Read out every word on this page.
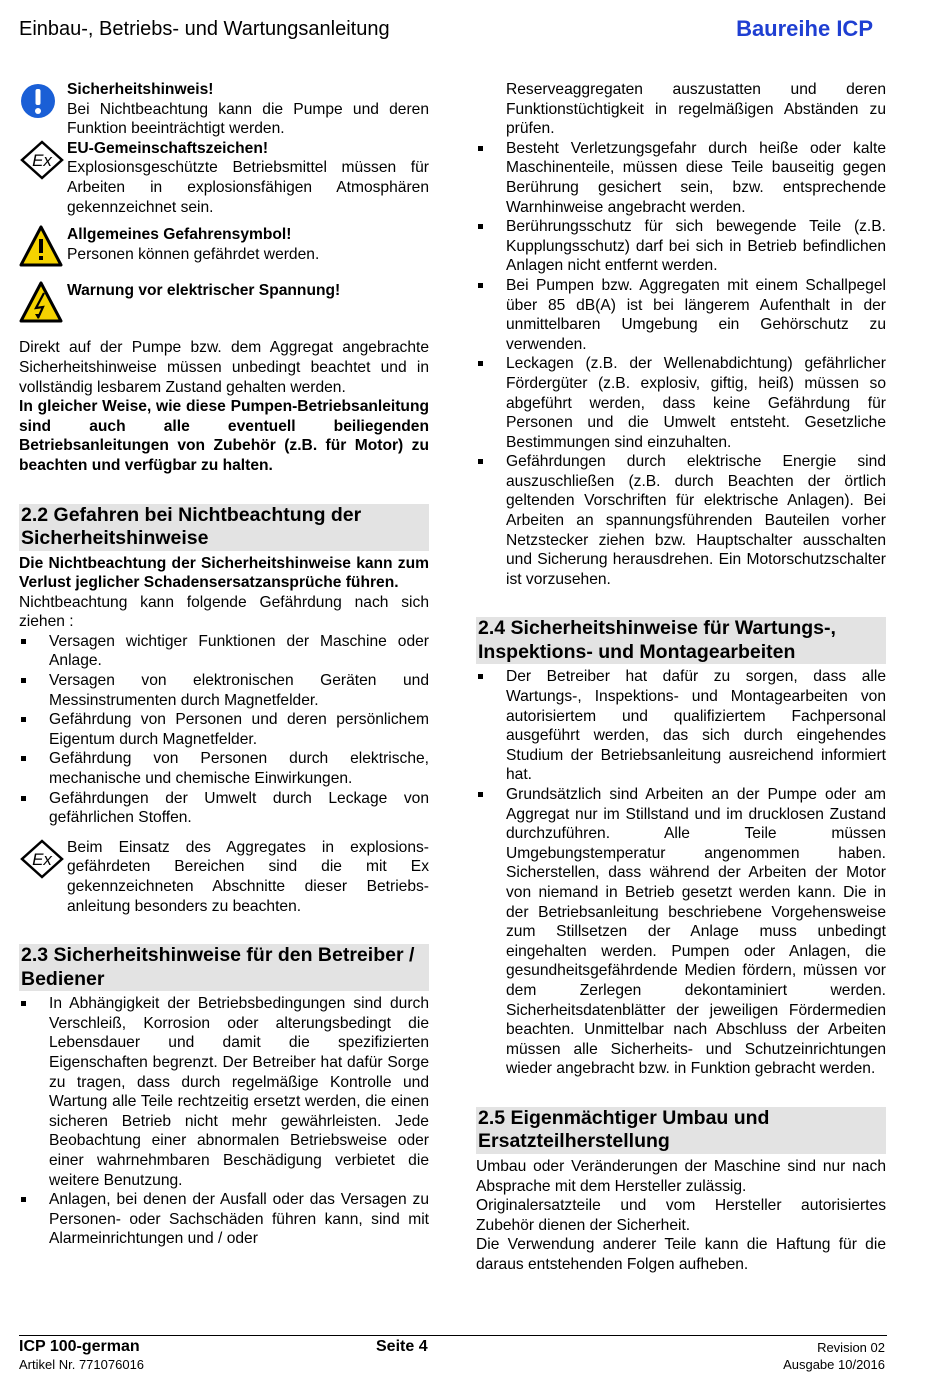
Einbau-, Betriebs- und Wartungsanleitung	Baureihe ICP

Sicherheitshinweis!

Bei Nichtbeachtung kann die Pumpe und deren Funktion beeinträchtigt werden.

Ex

EU-Gemeinschaftszeichen!

Explosionsgeschützte Betriebsmittel müssen für Arbeiten in explosionsfähigen Atmosphären gekennzeichnet sein.

Allgemeines Gefahrensymbol!

Personen können gefährdet werden.

Warnung vor elektrischer Spannung!

Direkt auf der Pumpe bzw. dem Aggregat angebrachte Sicherheitshinweise müssen unbedingt beachtet und in vollständig lesbarem Zustand gehalten werden.

In gleicher Weise, wie diese Pumpen-Betriebsanleitung sind auch alle eventuell beiliegenden Betriebsanleitungen von Zubehör (z.B. für Motor) zu beachten und verfügbar zu halten.

2.2 Gefahren bei Nichtbeachtung der Sicherheitshinweise

Die Nichtbeachtung der Sicherheitshinweise kann zum Verlust jeglicher Schadensersatzansprüche führen.

Nichtbeachtung kann folgende Gefährdung nach sich ziehen :

Versagen wichtiger Funktionen der Maschine oder Anlage.
Versagen von elektronischen Geräten und Messinstrumenten durch Magnetfelder.
Gefährdung von Personen und deren persönlichem Eigentum durch Magnetfelder.
Gefährdung von Personen durch elektrische, mechanische und chemische Einwirkungen.
Gefährdungen der Umwelt durch Leckage von gefährlichen Stoffen.
Ex

Beim Einsatz des Aggregates in explosions-gefährdeten Bereichen sind die mit Ex gekennzeichneten Abschnitte dieser Betriebs-anleitung besonders zu beachten.

2.3 Sicherheitshinweise für den Betreiber / Bediener
In Abhängigkeit der Betriebsbedingungen sind durch Verschleiß, Korrosion oder alterungsbedingt die Lebensdauer und damit die spezifizierten Eigenschaften begrenzt. Der Betreiber hat dafür Sorge zu tragen, dass durch regelmäßige Kontrolle und Wartung alle Teile rechtzeitig ersetzt werden, die einen sicheren Betrieb nicht mehr gewährleisten. Jede Beobachtung einer abnormalen Betriebsweise oder einer wahrnehmbaren Beschädigung verbietet die weitere Benutzung.
Anlagen, bei denen der Ausfall oder das Versagen zu Personen- oder Sachschäden führen kann, sind mit Alarmeinrichtungen und / oder

Reserveaggregaten auszustatten und deren Funktionstüchtigkeit in regelmäßigen Abständen zu prüfen.

Besteht Verletzungsgefahr durch heiße oder kalte Maschinenteile, müssen diese Teile bauseitig gegen Berührung gesichert sein, bzw. entsprechende Warnhinweise angebracht werden.
Berührungsschutz für sich bewegende Teile (z.B. Kupplungsschutz) darf bei sich in Betrieb befindlichen Anlagen nicht entfernt werden.
Bei Pumpen bzw. Aggregaten mit einem Schallpegel über 85 dB(A) ist bei längerem Aufenthalt in der unmittelbaren Umgebung ein Gehörschutz zu verwenden.
Leckagen (z.B. der Wellenabdichtung) gefährlicher Fördergüter (z.B. explosiv, giftig, heiß) müssen so abgeführt werden, dass keine Gefährdung für Personen und die Umwelt entsteht. Gesetzliche Bestimmungen sind einzuhalten.
Gefährdungen durch elektrische Energie sind auszuschließen (z.B. durch Beachten der örtlich geltenden Vorschriften für elektrische Anlagen). Bei Arbeiten an spannungsführenden Bauteilen vorher Netzstecker ziehen bzw. Hauptschalter ausschalten und Sicherung herausdrehen. Ein Motorschutzschalter ist vorzusehen.
2.4 Sicherheitshinweise für Wartungs-, Inspektions- und Montagearbeiten
Der Betreiber hat dafür zu sorgen, dass alle Wartungs-, Inspektions- und Montagearbeiten von autorisiertem und qualifiziertem Fachpersonal ausgeführt werden, das sich durch eingehendes Studium der Betriebsanleitung ausreichend informiert hat.
Grundsätzlich sind Arbeiten an der Pumpe oder am Aggregat nur im Stillstand und im drucklosen Zustand durchzuführen. Alle Teile müssen Umgebungstemperatur angenommen haben. Sicherstellen, dass während der Arbeiten der Motor von niemand in Betrieb gesetzt werden kann. Die in der Betriebsanleitung beschriebene Vorgehensweise zum Stillsetzen der Anlage muss unbedingt eingehalten werden. Pumpen oder Anlagen, die gesundheitsgefährdende Medien fördern, müssen vor dem Zerlegen dekontaminiert werden. Sicherheitsdatenblätter der jeweiligen Fördermedien beachten. Unmittelbar nach Abschluss der Arbeiten müssen alle Sicherheits- und Schutzeinrichtungen wieder angebracht bzw. in Funktion gebracht werden.
2.5 Eigenmächtiger Umbau und Ersatzteilherstellung

Umbau oder Veränderungen der Maschine sind nur nach Absprache mit dem Hersteller zulässig.

Originalersatzteile und vom Hersteller autorisiertes Zubehör dienen der Sicherheit.

Die Verwendung anderer Teile kann die Haftung für die daraus entstehenden Folgen aufheben.

ICP 100-german	Seite 4	Revision 02
Artikel Nr. 771076016	Ausgabe 10/2016
